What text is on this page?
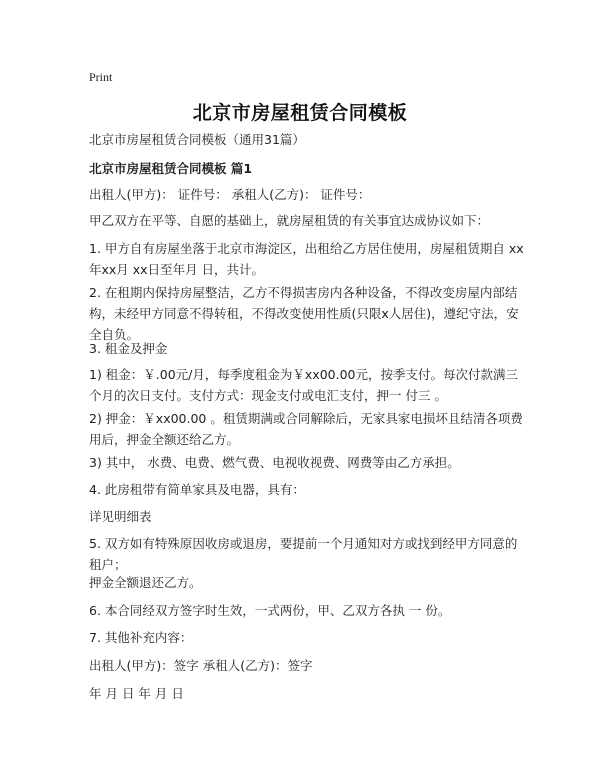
Print
北京市房屋租赁合同模板
北京市房屋租赁合同模板（通用31篇）
北京市房屋租赁合同模板 篇1
出租人(甲方)： 证件号： 承租人(乙方)： 证件号：
甲乙双方在平等、自愿的基础上，就房屋租赁的有关事宜达成协议如下：
1. 甲方自有房屋坐落于北京市海淀区，出租给乙方居住使用，房屋租赁期自 xx年xx月 xx日至年月 日，共计。
2. 在租期内保持房屋整洁，乙方不得损害房内各种设备，不得改变房屋内部结构，未经甲方同意不得转租，不得改变使用性质(只限x人居住)，遵纪守法，安全自负。
3. 租金及押金
1) 租金：￥.00元/月，每季度租金为￥xx00.00元，按季支付。每次付款满三个月的次日支付。支付方式：现金支付或电汇支付，押一 付三 。
2) 押金：￥xx00.00 。租赁期满或合同解除后，无家具家电损坏且结清各项费用后，押金全额还给乙方。
3) 其中， 水费、电费、燃气费、电视收视费、网费等由乙方承担。
4. 此房租带有简单家具及电器，具有：
详见明细表
5. 双方如有特殊原因收房或退房，要提前一个月通知对方或找到经甲方同意的租户；
押金全额退还乙方。
6. 本合同经双方签字时生效，一式两份，甲、乙双方各执 一 份。
7. 其他补充内容：
出租人(甲方)：签字 承租人(乙方)：签字
年 月 日 年 月 日
